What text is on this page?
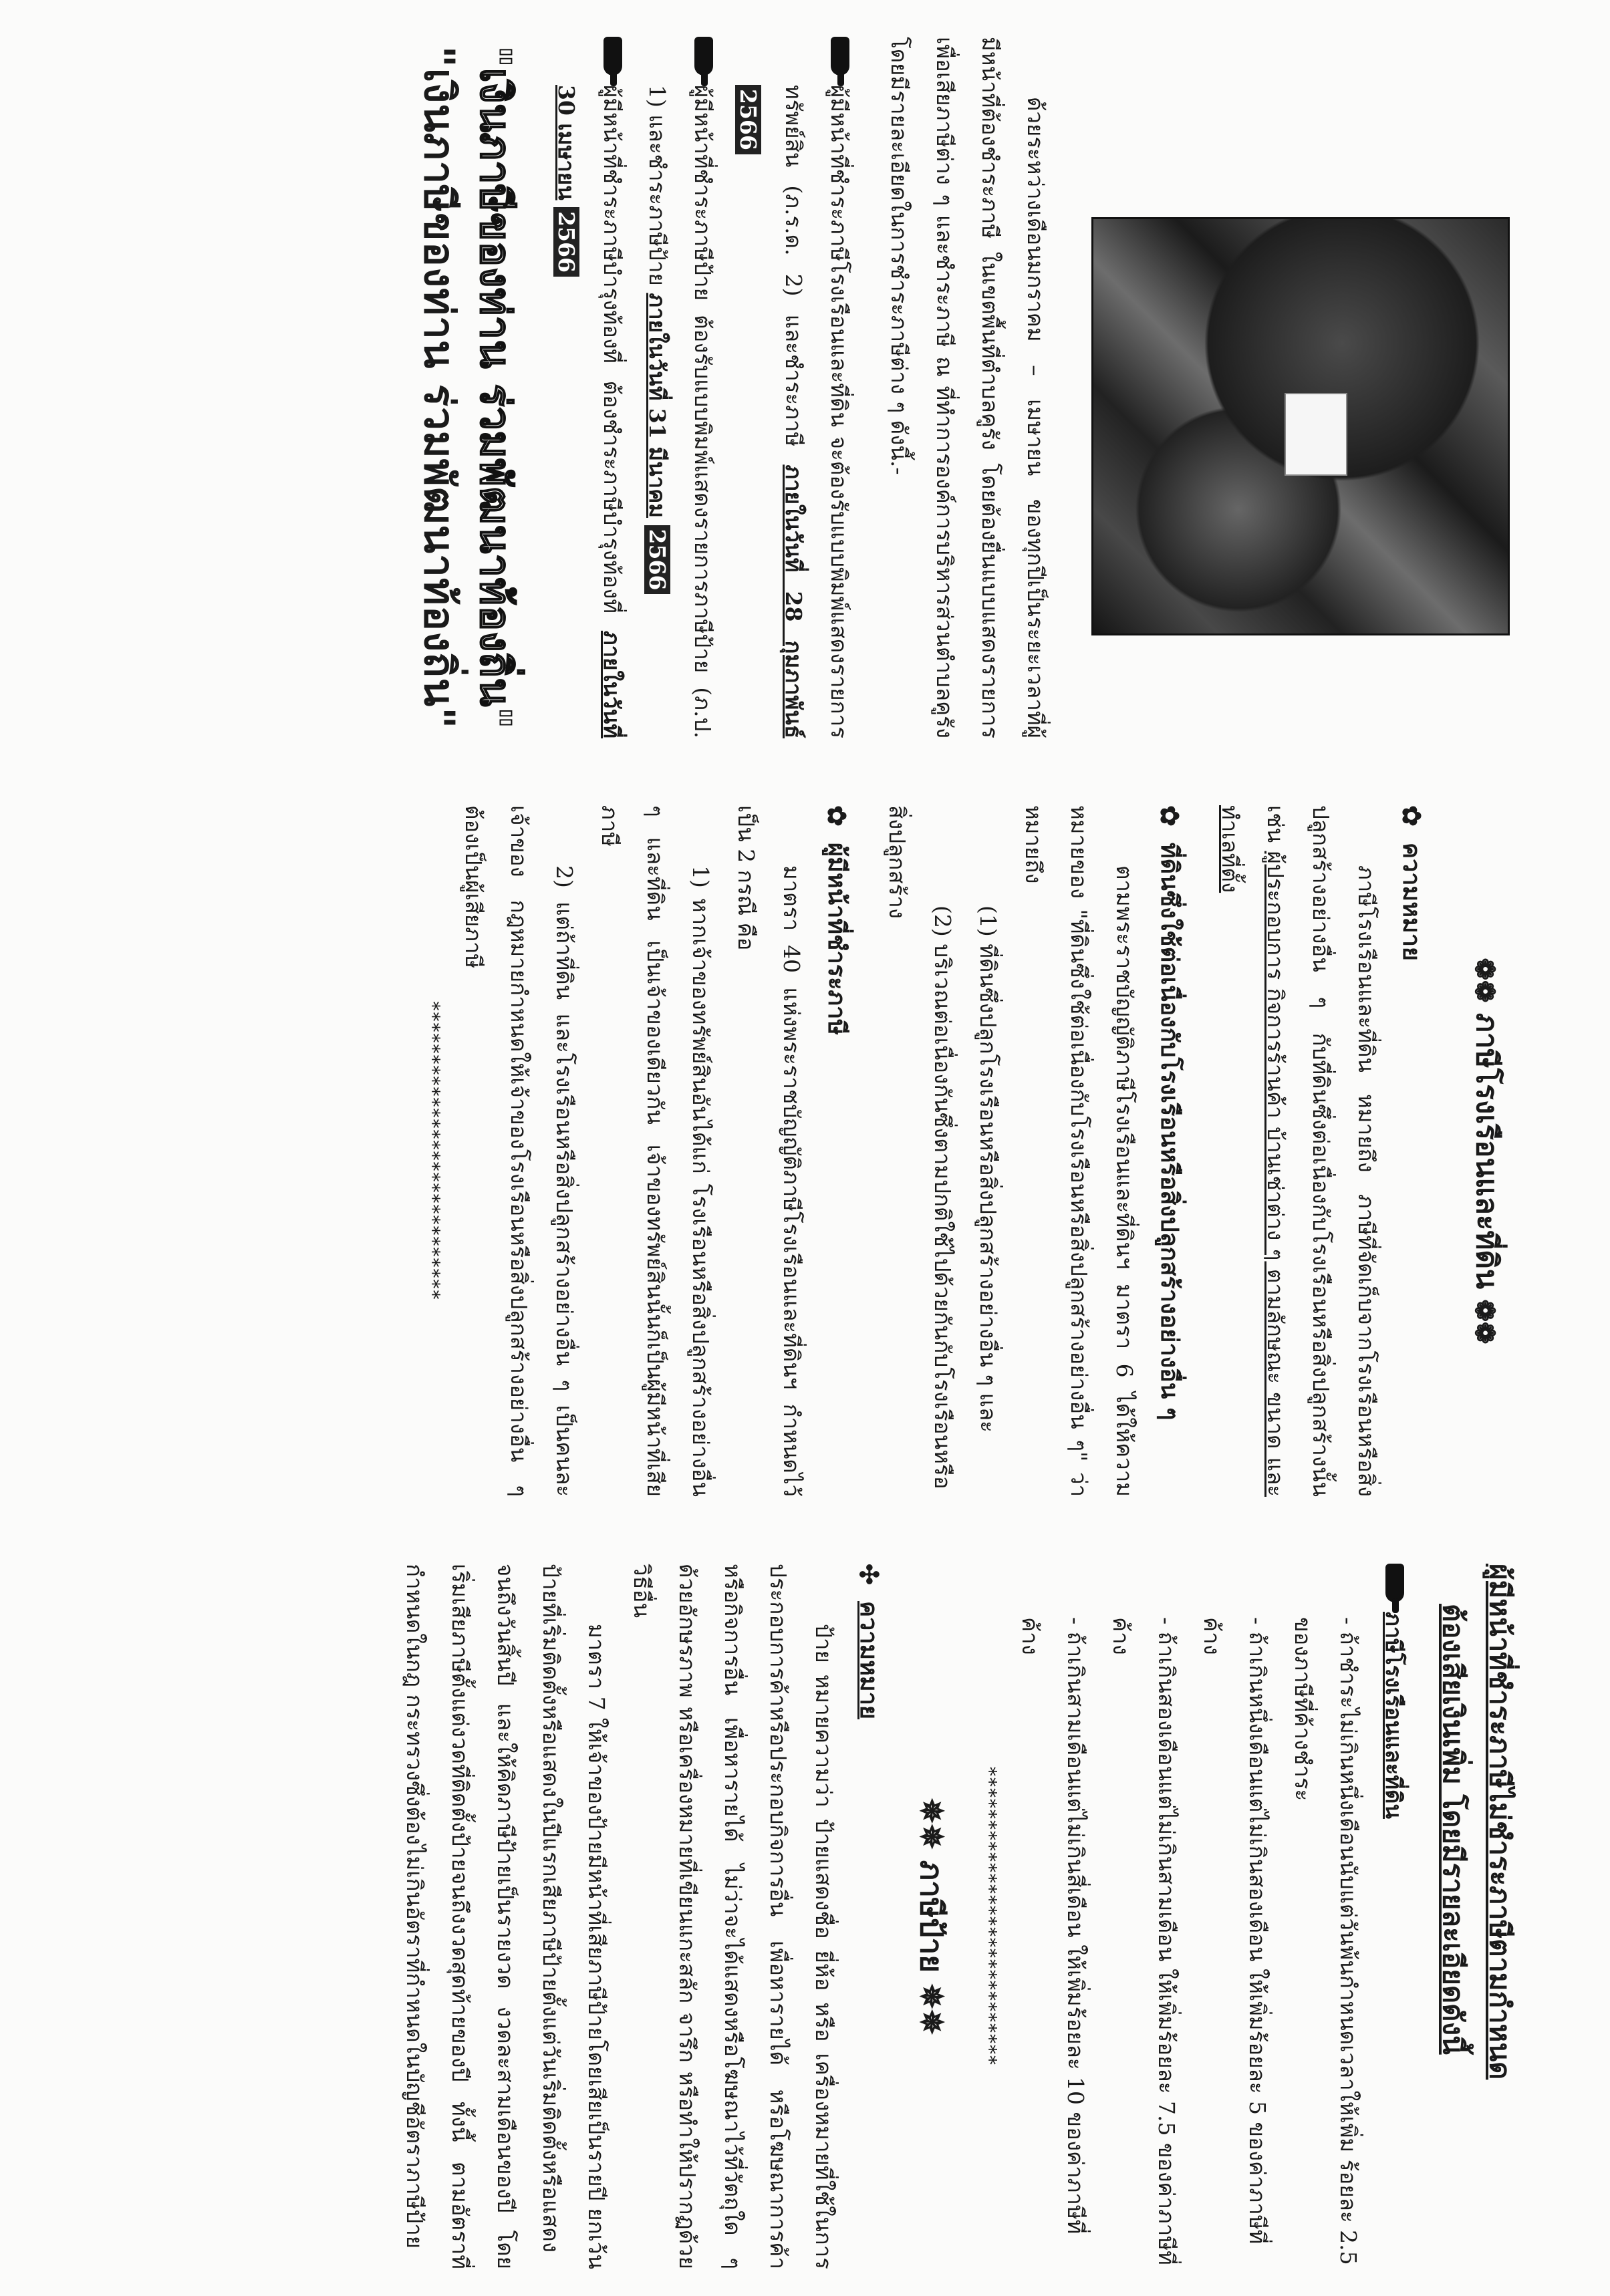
ด้วยระหว่างเดือนมกราคม – เมษายน ของทุกปีเป็นระยะเวลาที่ผู้มีหน้าที่ต้องชำระภาษี ในเขตพื้นที่ตำบลคูรัง โดยต้องยื่นแบบแสดงรายการเพื่อเสียภาษีต่าง ๆ และชำระภาษี ณ ที่ทำการองค์การบริหารส่วนตำบลคูรัง โดยมีรายละเอียดในการชำระภาษีต่าง ๆ ดังนี้.-

ผู้มีหน้าที่ชำระภาษีโรงเรือนและที่ดิน จะต้องรับแบบพิมพ์แสดงรายการทรัพย์สิน (ภ.ร.ด. 2) และชำระภาษี ภายในวันที่ 28 กุมภาพันธ์ 2566

ผู้มีหน้าที่ชำระภาษีป้าย ต้องรับแบบพิมพ์แสดงรายการภาษีป้าย (ภ.ป. 1) และชำระภาษีป้าย ภายในวันที่ 31 มีนาคม 2566

ผู้มีหน้าที่ชำระภาษีบำรุงท้องที่ ต้องชำระภาษีบำรุงท้องที่ ภายในวันที่ 30 เมษายน 2566

"เงินภาษีของท่าน ร่วมพัฒนาท้องถิ่น"
"เงินภาษีของท่าน ร่วมพัฒนาท้องถิ่น"
❁❁ ภาษีโรงเรือนและที่ดิน ❁❁
✿
ความหมาย

ภาษีโรงเรือนและที่ดิน หมายถึง ภาษีที่จัดเก็บจากโรงเรือนหรือสิ่งปลูกสร้างอย่างอื่น ๆ กับที่ดินซึ่งต่อเนื่องกับโรงเรือนหรือสิ่งปลูกสร้างนั้น เช่น ผู้ประกอบการ กิจการร้านค้า บ้านเช่าต่าง ๆ ตามลักษณะ ขนาด และทำเลที่ตั้ง

✿
ที่ดินซึ่งใช้ต่อเนื่องกับโรงเรือนหรือสิ่งปลูกสร้างอย่างอื่น ๆ

ตามพระราชบัญญัติภาษีโรงเรือนและที่ดินฯ มาตรา 6 ได้ให้ความหมายของ "ที่ดินซึ่งใช้ต่อเนื่องกับโรงเรือนหรือสิ่งปลูกสร้างอย่างอื่น ๆ" ว่าหมายถึง

(1) ที่ดินซึ่งปลูกโรงเรือนหรือสิ่งปลูกสร้างอย่างอื่น ๆ และ

(2) บริเวณต่อเนื่องกันซึ่งตามปกติใช้ไปด้วยกันกับโรงเรือนหรือสิ่งปลูกสร้าง

✿
ผู้มีหน้าที่ชำระภาษี

มาตรา 40 แห่งพระราชบัญญัติภาษีโรงเรือนและที่ดินฯ กำหนดไว้เป็น 2 กรณี คือ

1) หากเจ้าของทรัพย์สินอันได้แก่ โรงเรือนหรือสิ่งปลูกสร้างอย่างอื่น ๆ และที่ดิน เป็นเจ้าของเดียวกัน เจ้าของทรัพย์สินนั้นก็เป็นผู้มีหน้าที่เสียภาษี

2) แต่ถ้าที่ดิน และโรงเรือนหรือสิ่งปลูกสร้างอย่างอื่น ๆ เป็นคนละเจ้าของ กฎหมายกำหนดให้เจ้าของโรงเรือนหรือสิ่งปลูกสร้างอย่างอื่น ๆ ต้องเป็นผู้เสียภาษี

****************************
ผู้มีหน้าที่ชำระภาษีไม่ชำระภาษีตามกำหนด
ต้องเสียเงินเพิ่ม โดยมีรายละเอียดดังนี้
ภาษีโรงเรือนและที่ดิน

- ถ้าชำระไม่เกินหนึ่งเดือนนับแต่วันพ้นกำหนดเวลาให้เพิ่ม ร้อยละ 2.5 ของภาษีที่ค้างชำระ

- ถ้าเกินหนึ่งเดือนแต่ไม่เกินสองเดือน ให้เพิ่มร้อยละ 5 ของค่าภาษีที่ค้าง

- ถ้าเกินสองเดือนแต่ไม่เกินสามเดือน ให้เพิ่มร้อยละ 7.5 ของค่าภาษีที่ค้าง

- ถ้าเกินสามเดือนแต่ไม่เกินสี่เดือน ให้เพิ่มร้อยละ 10 ของค่าภาษีที่ค้าง

****************************
✵✵ ภาษีป้าย ✵✵
✣
ความหมาย

ป้าย หมายความว่า ป้ายแสดงชื่อ ยี่ห้อ หรือ เครื่องหมายที่ใช้ในการประกอบการค้าหรือประกอบกิจการอื่น เพื่อหารายได้ หรือโฆษณาการค้าหรือกิจการอื่น เพื่อหารายได้ ไม่ว่าจะได้แสดงหรือโฆษณาไว้ที่วัตถุใด ๆ ด้วยอักษรภาพ หรือเครื่องหมายที่เขียนแกะสลัก จารึก หรือทำให้ปรากฏด้วยวิธีอื่น

มาตรา 7 ให้เจ้าของป้ายมีหน้าที่เสียภาษีป้ายโดยเสียเป็นรายปี ยกเว้นป้ายที่เริ่มติดตั้งหรือแสดงในปีแรกเสียภาษีป้ายตั้งแต่วันเริ่มติดตั้งหรือแสดงจนถึงวันสิ้นปี และให้คิดภาษีป้ายเป็นรายงวด งวดละสามเดือนของปี โดยเริ่มเสียภาษีตั้งแต่งวดที่ติดตั้งป้ายจนถึงงวดสุดท้ายของปี ทั้งนี้ ตามอัตราที่กำหนดในกฎ กระทรวงซึ่งต้องไม่เกินอัตราที่กำหนดในบัญชีอัตราภาษีป้าย
